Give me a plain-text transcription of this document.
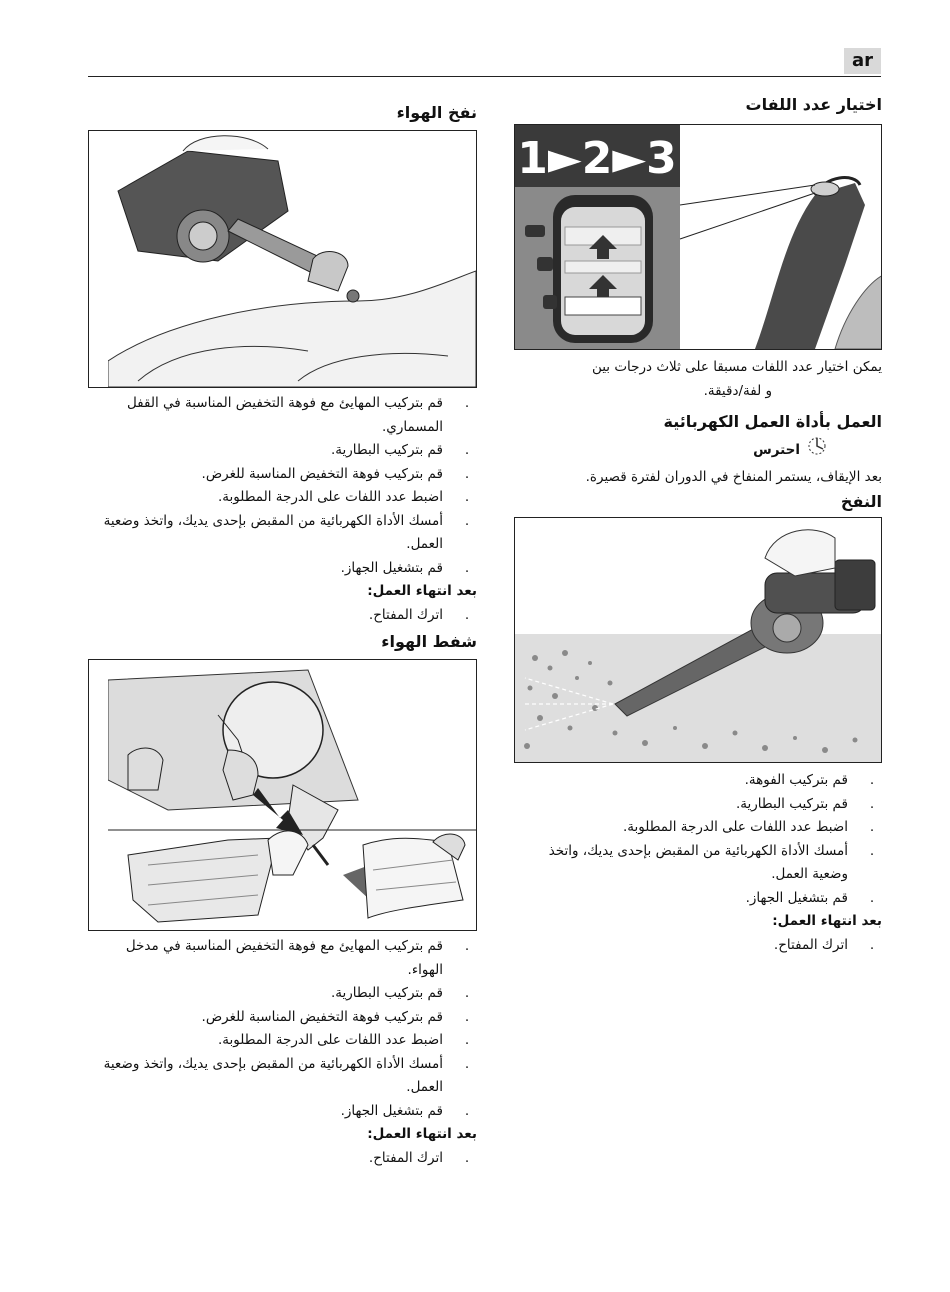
ar
اختيار عدد اللفات
1►2►3

يمكن اختيار عدد اللفات مسبقا على ثلاث درجات بين

و لفة/دقيقة.

العمل بأداة العمل الكهربائية
احترس

بعد الإيقاف، يستمر المنفاخ في الدوران لفترة قصيرة.

النفخ
. قم بتركيب الفوهة.
. قم بتركيب البطارية.
. اضبط عدد اللفات على الدرجة المطلوبة.
. أمسك الأداة الكهربائية من المقبض بإحدى يديك، واتخذ وضعية العمل.
. قم بتشغيل الجهاز.

بعد انتهاء العمل:

. اترك المفتاح.
نفخ الهواء
. قم بتركيب المهايئ مع فوهة التخفيض المناسبة في القفل المسماري.
. قم بتركيب البطارية.
. قم بتركيب فوهة التخفيض المناسبة للغرض.
. اضبط عدد اللفات على الدرجة المطلوبة.
. أمسك الأداة الكهربائية من المقبض بإحدى يديك، واتخذ وضعية العمل.
. قم بتشغيل الجهاز.

بعد انتهاء العمل:

. اترك المفتاح.
شفط الهواء
. قم بتركيب المهايئ مع فوهة التخفيض المناسبة في مدخل الهواء.
. قم بتركيب البطارية.
. قم بتركيب فوهة التخفيض المناسبة للغرض.
. اضبط عدد اللفات على الدرجة المطلوبة.
. أمسك الأداة الكهربائية من المقبض بإحدى يديك، واتخذ وضعية العمل.
. قم بتشغيل الجهاز.

بعد انتهاء العمل:

. اترك المفتاح.
